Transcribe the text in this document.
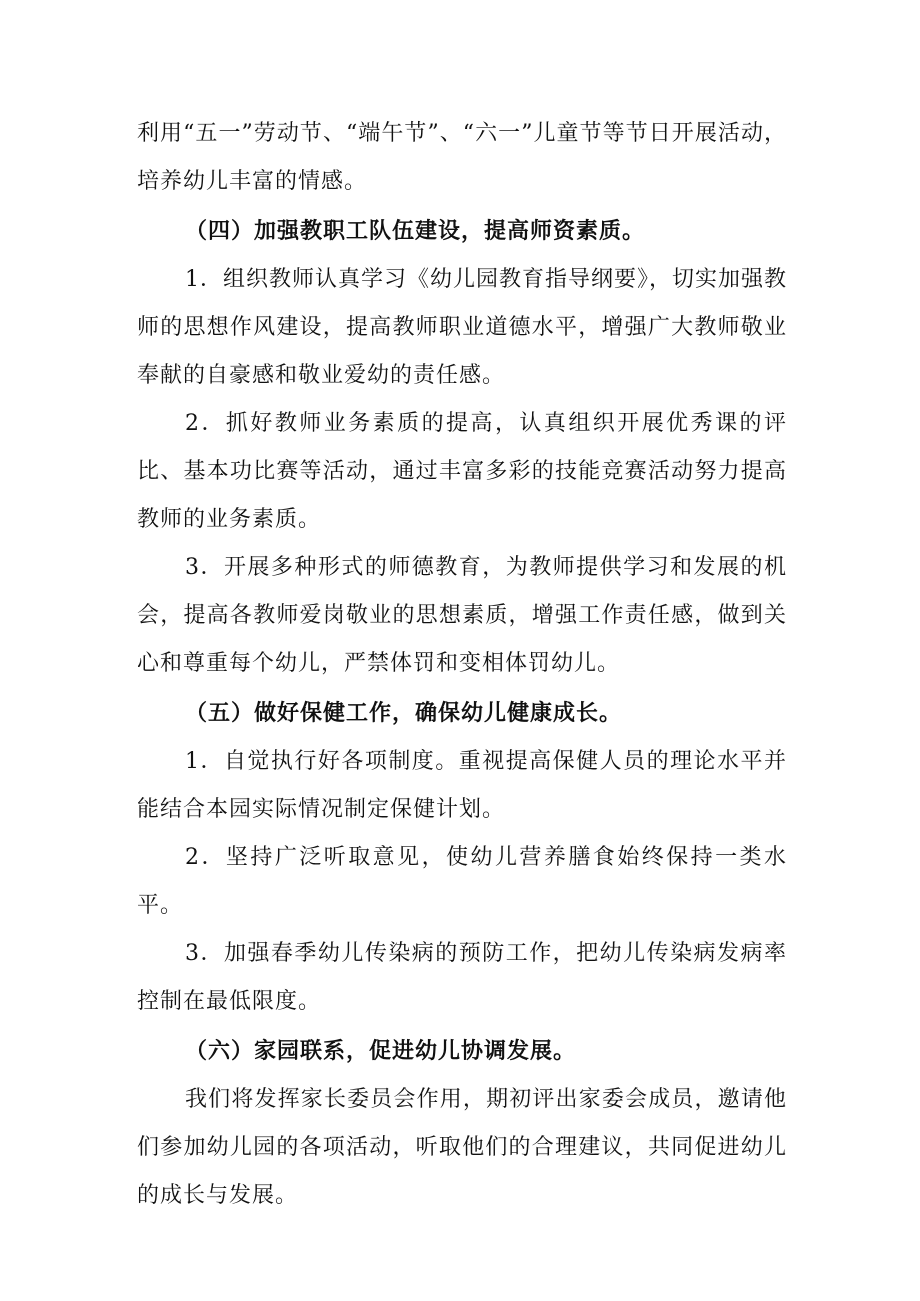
利用“五一”劳动节、“端午节”、“六一”儿童节等节日开展活动，培养幼儿丰富的情感。

（四）加强教职工队伍建设，提高师资素质。

1．组织教师认真学习《幼儿园教育指导纲要》，切实加强教师的思想作风建设，提高教师职业道德水平，增强广大教师敬业奉献的自豪感和敬业爱幼的责任感。

2．抓好教师业务素质的提高，认真组织开展优秀课的评比、基本功比赛等活动，通过丰富多彩的技能竞赛活动努力提高教师的业务素质。

3．开展多种形式的师德教育，为教师提供学习和发展的机会，提高各教师爱岗敬业的思想素质，增强工作责任感，做到关心和尊重每个幼儿，严禁体罚和变相体罚幼儿。

（五）做好保健工作，确保幼儿健康成长。

1．自觉执行好各项制度。重视提高保健人员的理论水平并能结合本园实际情况制定保健计划。

2．坚持广泛听取意见，使幼儿营养膳食始终保持一类水平。

3．加强春季幼儿传染病的预防工作，把幼儿传染病发病率控制在最低限度。

（六）家园联系，促进幼儿协调发展。

我们将发挥家长委员会作用，期初评出家委会成员，邀请他们参加幼儿园的各项活动，听取他们的合理建议，共同促进幼儿的成长与发展。
